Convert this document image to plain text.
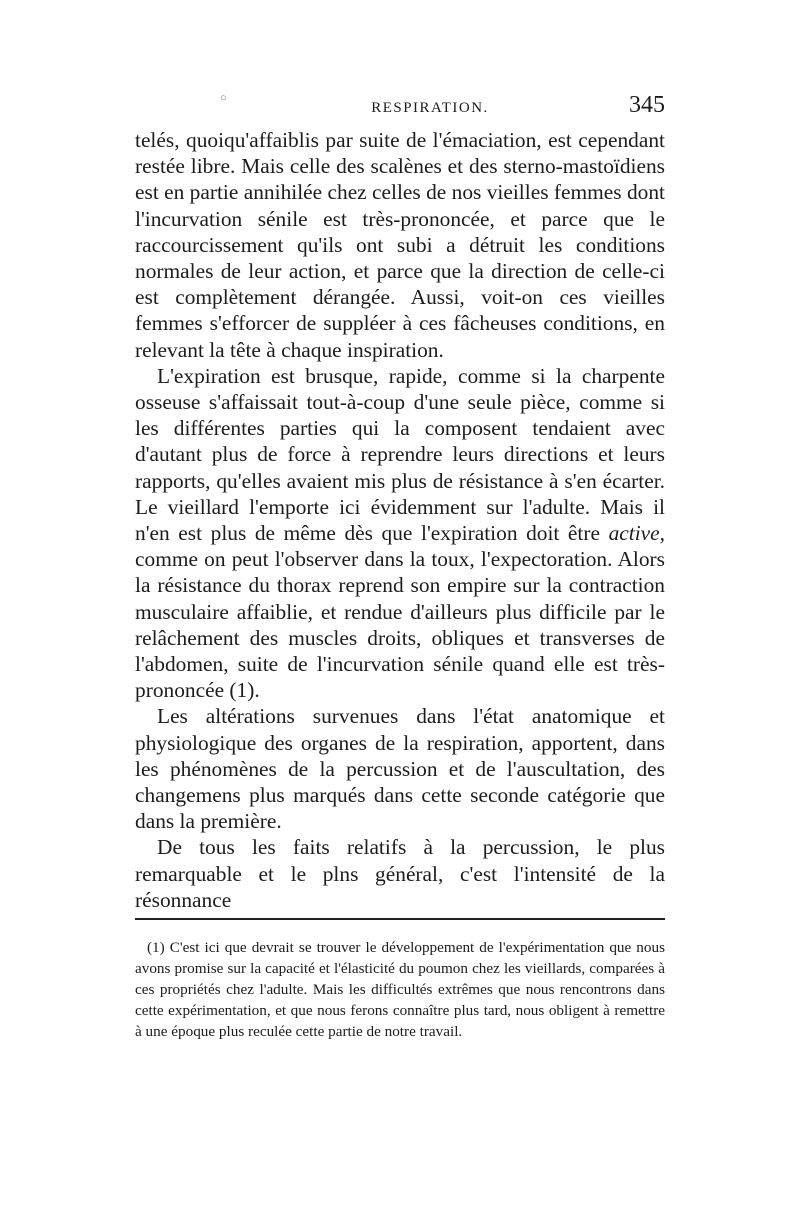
○
RESPIRATION.	345

telés, quoiqu'affaiblis par suite de l'émaciation, est cependant restée libre. Mais celle des scalènes et des sterno-mastoïdiens est en partie annihilée chez celles de nos vieilles femmes dont l'incurvation sénile est très-prononcée, et parce que le raccourcissement qu'ils ont subi a détruit les conditions normales de leur action, et parce que la direction de celle-ci est complètement dérangée. Aussi, voit-on ces vieilles femmes s'efforcer de suppléer à ces fâcheuses conditions, en relevant la tête à chaque inspiration.

L'expiration est brusque, rapide, comme si la charpente osseuse s'affaissait tout-à-coup d'une seule pièce, comme si les différentes parties qui la composent tendaient avec d'autant plus de force à reprendre leurs directions et leurs rapports, qu'elles avaient mis plus de résistance à s'en écarter. Le vieillard l'emporte ici évidemment sur l'adulte. Mais il n'en est plus de même dès que l'expiration doit être active, comme on peut l'observer dans la toux, l'expectoration. Alors la résistance du thorax reprend son empire sur la contraction musculaire affaiblie, et rendue d'ailleurs plus difficile par le relâchement des muscles droits, obliques et transverses de l'abdomen, suite de l'incurvation sénile quand elle est très-prononcée (1).

Les altérations survenues dans l'état anatomique et physiologique des organes de la respiration, apportent, dans les phénomènes de la percussion et de l'auscultation, des changemens plus marqués dans cette seconde catégorie que dans la première.

De tous les faits relatifs à la percussion, le plus remarquable et le plns général, c'est l'intensité de la résonnance

(1) C'est ici que devrait se trouver le développement de l'expérimentation que nous avons promise sur la capacité et l'élasticité du poumon chez les vieillards, comparées à ces propriétés chez l'adulte. Mais les difficultés extrêmes que nous rencontrons dans cette expérimentation, et que nous ferons connaître plus tard, nous obligent à remettre à une époque plus reculée cette partie de notre travail.
